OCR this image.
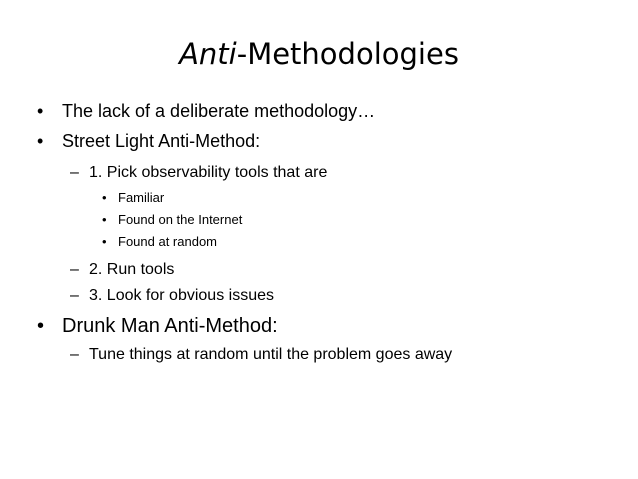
Anti-Methodologies
• The lack of a deliberate methodology…
• Street Light Anti-Method:
– 1. Pick observability tools that are
• Familiar
• Found on the Internet
• Found at random
– 2. Run tools
– 3. Look for obvious issues
• Drunk Man Anti-Method:
– Tune things at random until the problem goes away
